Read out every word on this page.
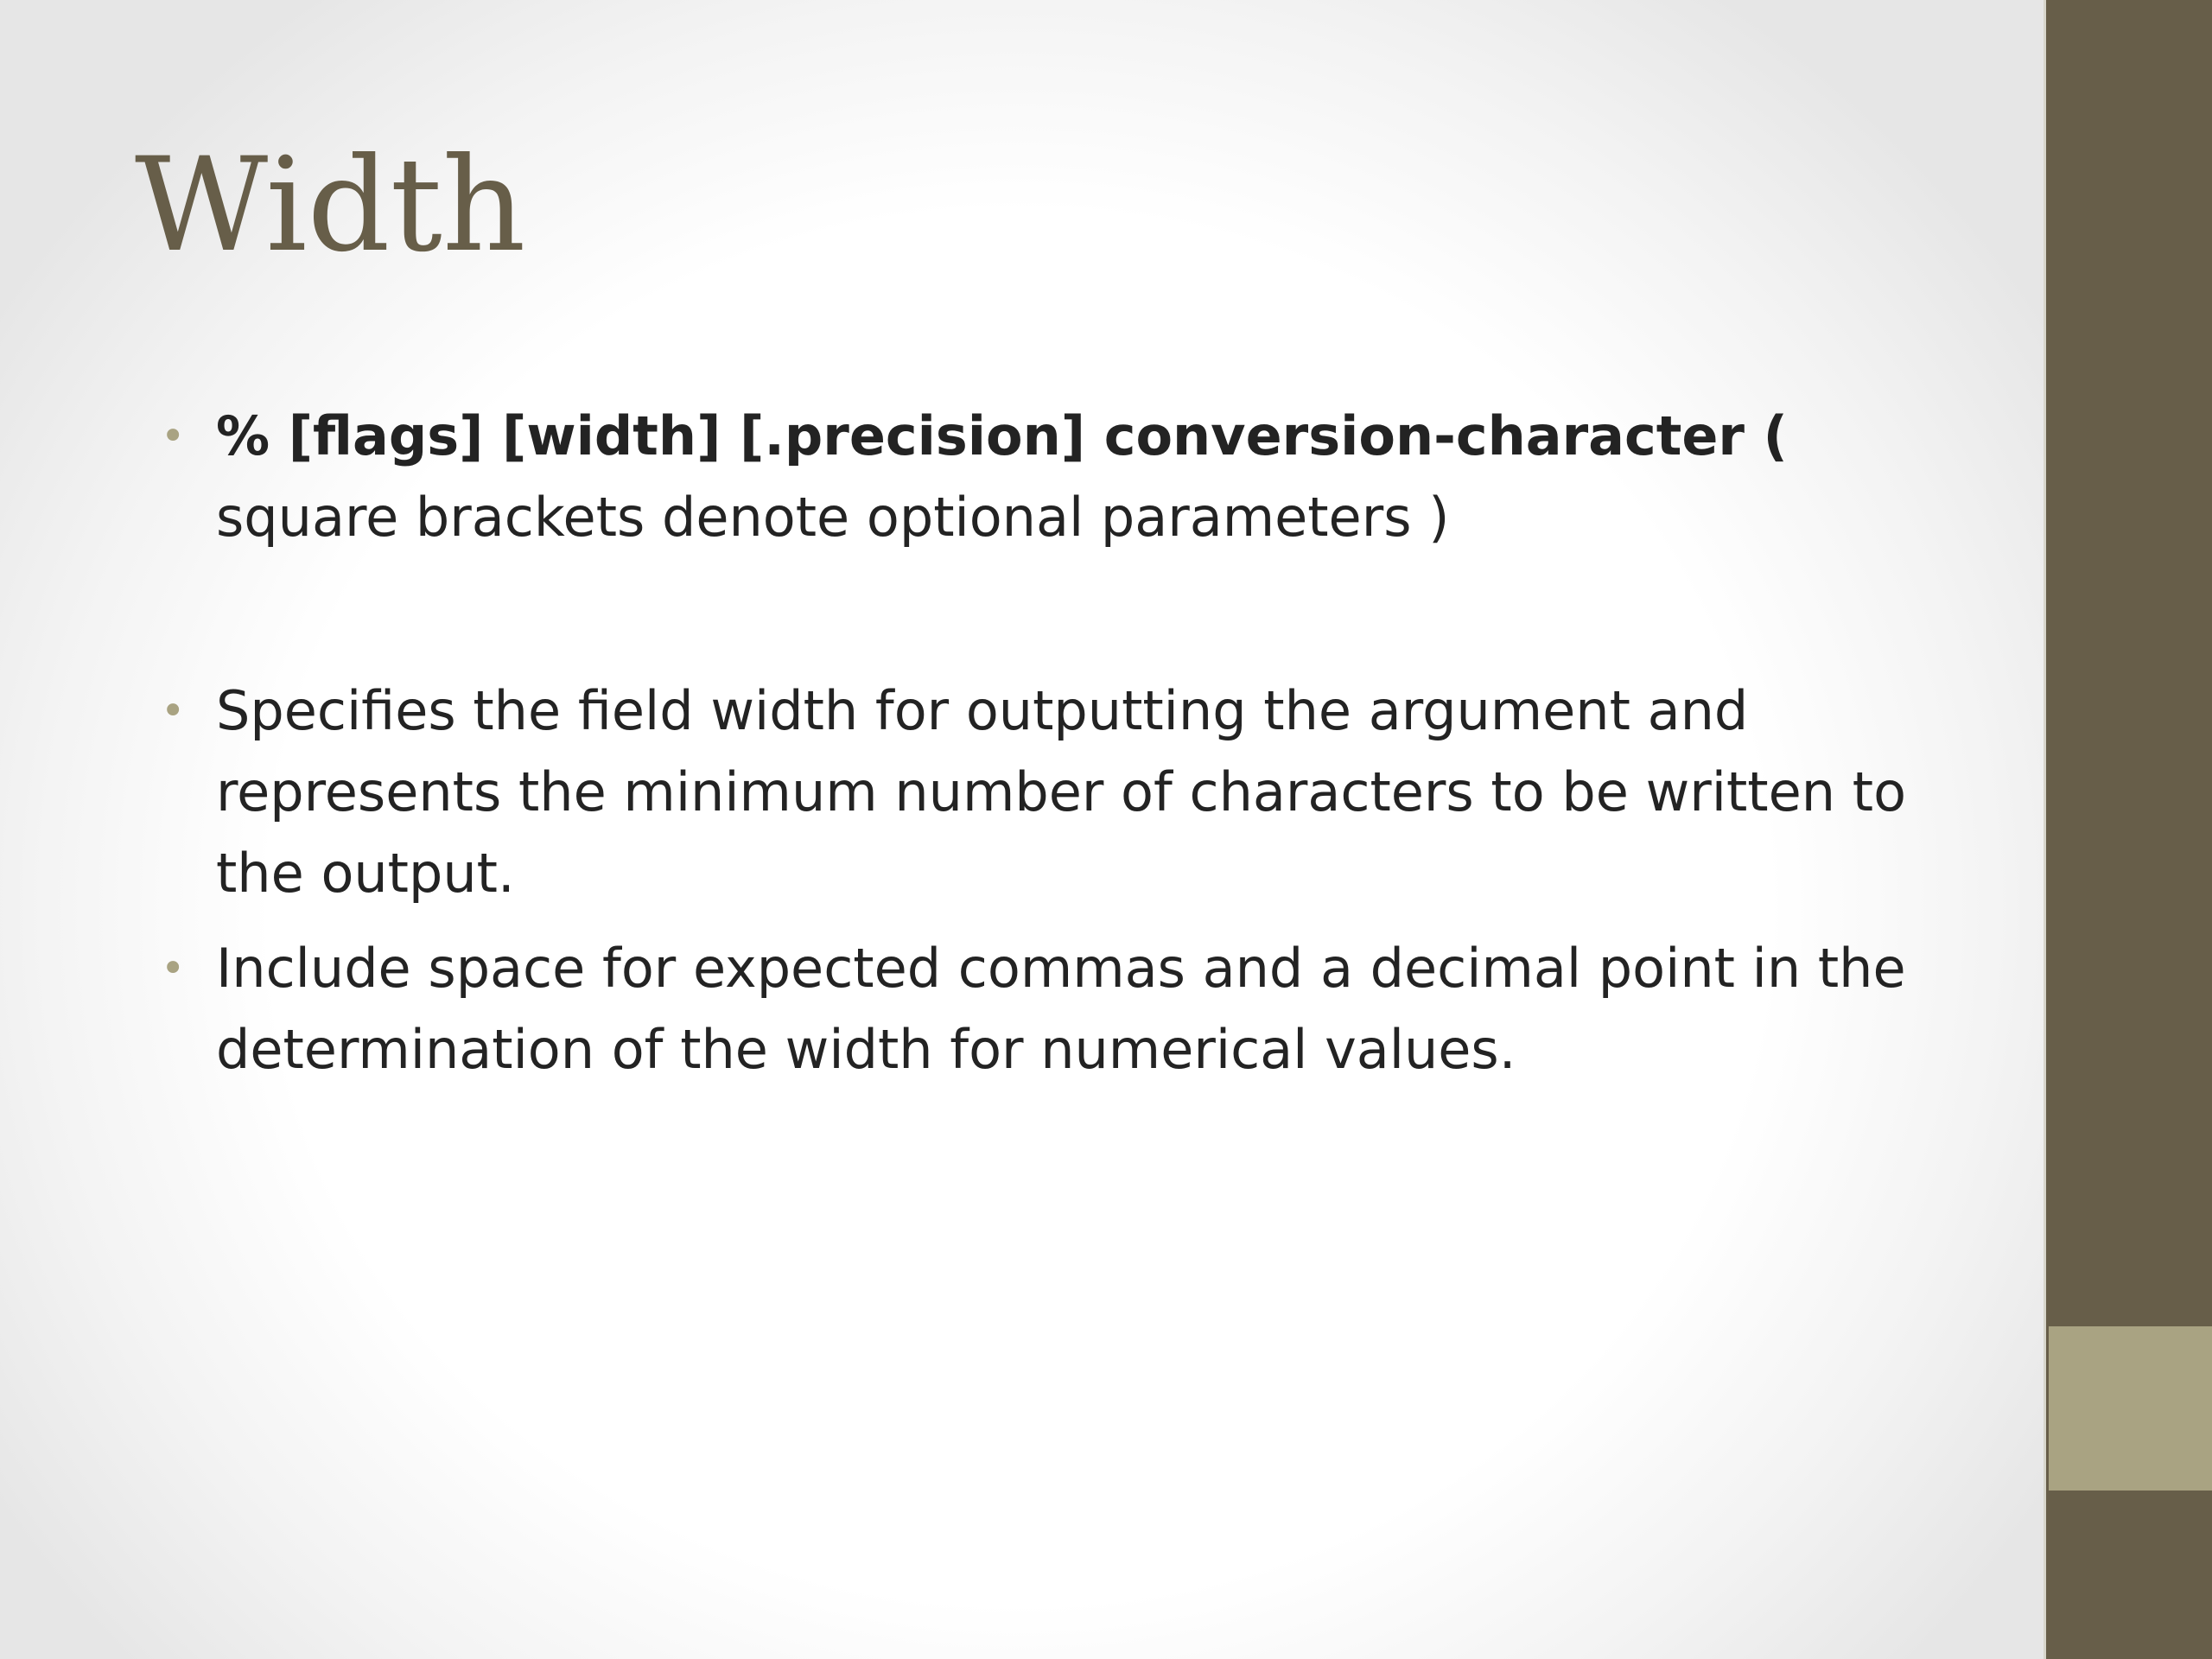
Width
• % [flags] [width] [.precision] conversion-character ( square brackets denote optional parameters )
• Specifies the field width for outputting the argument and represents the minimum number of characters to be written to the output.
• Include space for expected commas and a decimal point in the determination of the width for numerical values.
